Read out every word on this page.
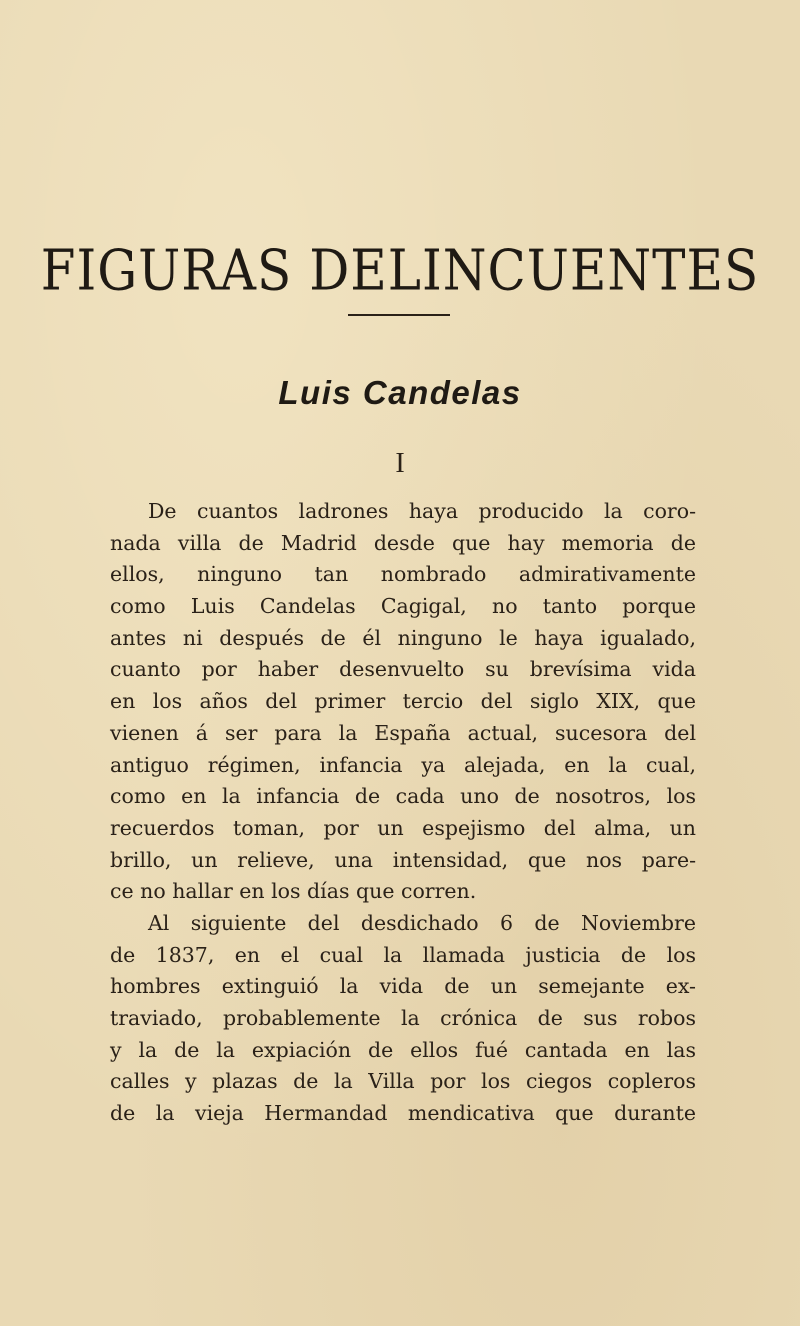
FIGURAS DELINCUENTES
Luis Candelas
I
De cuantos ladrones haya producido la coro-
nada villa de Madrid desde que hay memoria de
ellos, ninguno tan nombrado admirativamente
como Luis Candelas Cagigal, no tanto porque
antes ni después de él ninguno le haya igualado,
cuanto por haber desenvuelto su brevísima vida
en los años del primer tercio del siglo XIX, que
vienen á ser para la España actual, sucesora del
antiguo régimen, infancia ya alejada, en la cual,
como en la infancia de cada uno de nosotros, los
recuerdos toman, por un espejismo del alma, un
brillo, un relieve, una intensidad, que nos pare-
ce no hallar en los días que corren.
Al siguiente del desdichado 6 de Noviembre
de 1837, en el cual la llamada justicia de los
hombres extinguió la vida de un semejante ex-
traviado, probablemente la crónica de sus robos
y la de la expiación de ellos fué cantada en las
calles y plazas de la Villa por los ciegos copleros
de la vieja Hermandad mendicativa que durante
